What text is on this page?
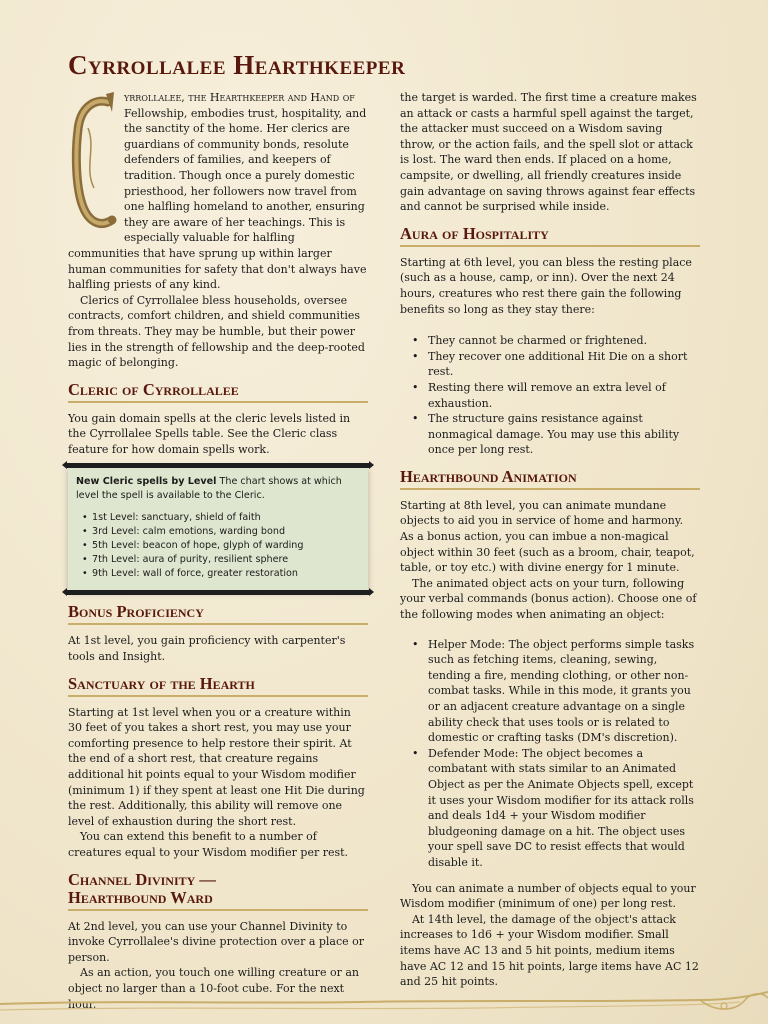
Cyrrollalee Hearthkeeper

yrrollalee, the Hearthkeeper and Hand of Fellowship, embodies trust, hospitality, and the sanctity of the home. Her clerics are guardians of community bonds, resolute defenders of families, and keepers of tradition. Though once a purely domestic priesthood, her followers now travel from one halfling homeland to another, ensuring they are aware of her teachings. This is especially valuable for halfling communities that have sprung up within larger human communities for safety that don't always have halfling priests of any kind.

Clerics of Cyrrollalee bless households, oversee contracts, comfort children, and shield communities from threats. They may be humble, but their power lies in the strength of fellowship and the deep-rooted magic of belonging.

Cleric of Cyrrollalee

You gain domain spells at the cleric levels listed in the Cyrrollalee Spells table. See the Cleric class feature for how domain spells work.

New Cleric spells by Level The chart shows at which level the spell is available to the Cleric.
• 1st Level: sanctuary, shield of faith
• 3rd Level: calm emotions, warding bond
• 5th Level: beacon of hope, glyph of warding
• 7th Level: aura of purity, resilient sphere
• 9th Level: wall of force, greater restoration
Bonus Proficiency

At 1st level, you gain proficiency with carpenter's tools and Insight.

Sanctuary of the Hearth

Starting at 1st level when you or a creature within 30 feet of you takes a short rest, you may use your comforting presence to help restore their spirit. At the end of a short rest, that creature regains additional hit points equal to your Wisdom modifier (minimum 1) if they spent at least one Hit Die during the rest. Additionally, this ability will remove one level of exhaustion during the short rest.

You can extend this benefit to a number of creatures equal to your Wisdom modifier per rest.

Channel Divinity —
Hearthbound Ward

At 2nd level, you can use your Channel Divinity to invoke Cyrrollalee's divine protection over a place or person.

As an action, you touch one willing creature or an object no larger than a 10-foot cube. For the next hour,

the target is warded. The first time a creature makes an attack or casts a harmful spell against the target, the attacker must succeed on a Wisdom saving throw, or the action fails, and the spell slot or attack is lost. The ward then ends. If placed on a home, campsite, or dwelling, all friendly creatures inside gain advantage on saving throws against fear effects and cannot be surprised while inside.

Aura of Hospitality

Starting at 6th level, you can bless the resting place (such as a house, camp, or inn). Over the next 24 hours, creatures who rest there gain the following benefits so long as they stay there:

• They cannot be charmed or frightened.
• They recover one additional Hit Die on a short rest.
• Resting there will remove an extra level of exhaustion.
• The structure gains resistance against nonmagical damage. You may use this ability once per long rest.
Hearthbound Animation

Starting at 8th level, you can animate mundane objects to aid you in service of home and harmony. As a bonus action, you can imbue a non-magical object within 30 feet (such as a broom, chair, teapot, table, or toy etc.) with divine energy for 1 minute.

The animated object acts on your turn, following your verbal commands (bonus action). Choose one of the following modes when animating an object:

• Helper Mode: The object performs simple tasks such as fetching items, cleaning, sewing, tending a fire, mending clothing, or other non-combat tasks. While in this mode, it grants you or an adjacent creature advantage on a single ability check that uses tools or is related to domestic or crafting tasks (DM's discretion).
• Defender Mode: The object becomes a combatant with stats similar to an Animated Object as per the Animate Objects spell, except it uses your Wisdom modifier for its attack rolls and deals 1d4 + your Wisdom modifier bludgeoning damage on a hit. The object uses your spell save DC to resist effects that would disable it.

You can animate a number of objects equal to your Wisdom modifier (minimum of one) per long rest.

At 14th level, the damage of the object's attack increases to 1d6 + your Wisdom modifier. Small items have AC 13 and 5 hit points, medium items have AC 12 and 15 hit points, large items have AC 12 and 25 hit points.
